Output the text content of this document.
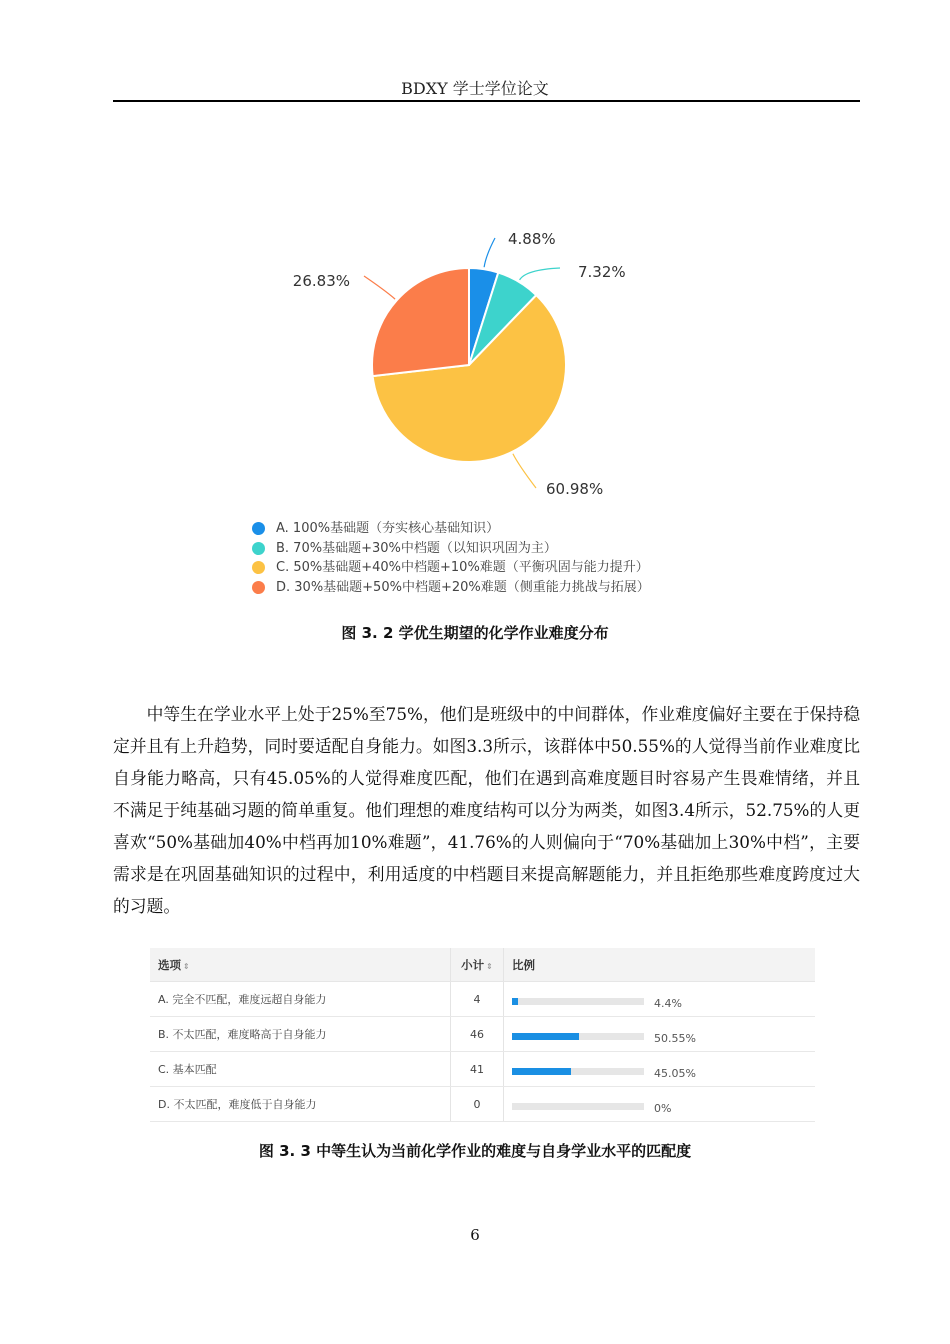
BDXY 学士学位论文
4.88%
7.32%
60.98%
26.83%
A. 100%基础题（夯实核心基础知识）
B. 70%基础题+30%中档题（以知识巩固为主）
C. 50%基础题+40%中档题+10%难题（平衡巩固与能力提升）
D. 30%基础题+50%中档题+20%难题（侧重能力挑战与拓展）
图 3. 2 学优生期望的化学作业难度分布

中等生在学业水平上处于25%至75%，他们是班级中的中间群体，作业难度偏好主要在于保持稳定并且有上升趋势，同时要适配自身能力。如图3.3所示，该群体中50.55%的人觉得当前作业难度比自身能力略高，只有45.05%的人觉得难度匹配，他们在遇到高难度题目时容易产生畏难情绪，并且不满足于纯基础习题的简单重复。他们理想的难度结构可以分为两类，如图3.4所示，52.75%的人更喜欢“50%基础加40%中档再加10%难题”，41.76%的人则偏向于“70%基础加上30%中档”，主要需求是在巩固基础知识的过程中，利用适度的中档题目来提高解题能力，并且拒绝那些难度跨度过大的习题。

选项 ⇕	小计 ⇕	比例
A. 完全不匹配，难度远超自身能力	4	4.4%

B. 不太匹配，难度略高于自身能力	46	50.55%

C. 基本匹配	41	45.05%

D. 不太匹配，难度低于自身能力	0	0%
图 3. 3 中等生认为当前化学作业的难度与自身学业水平的匹配度
6
